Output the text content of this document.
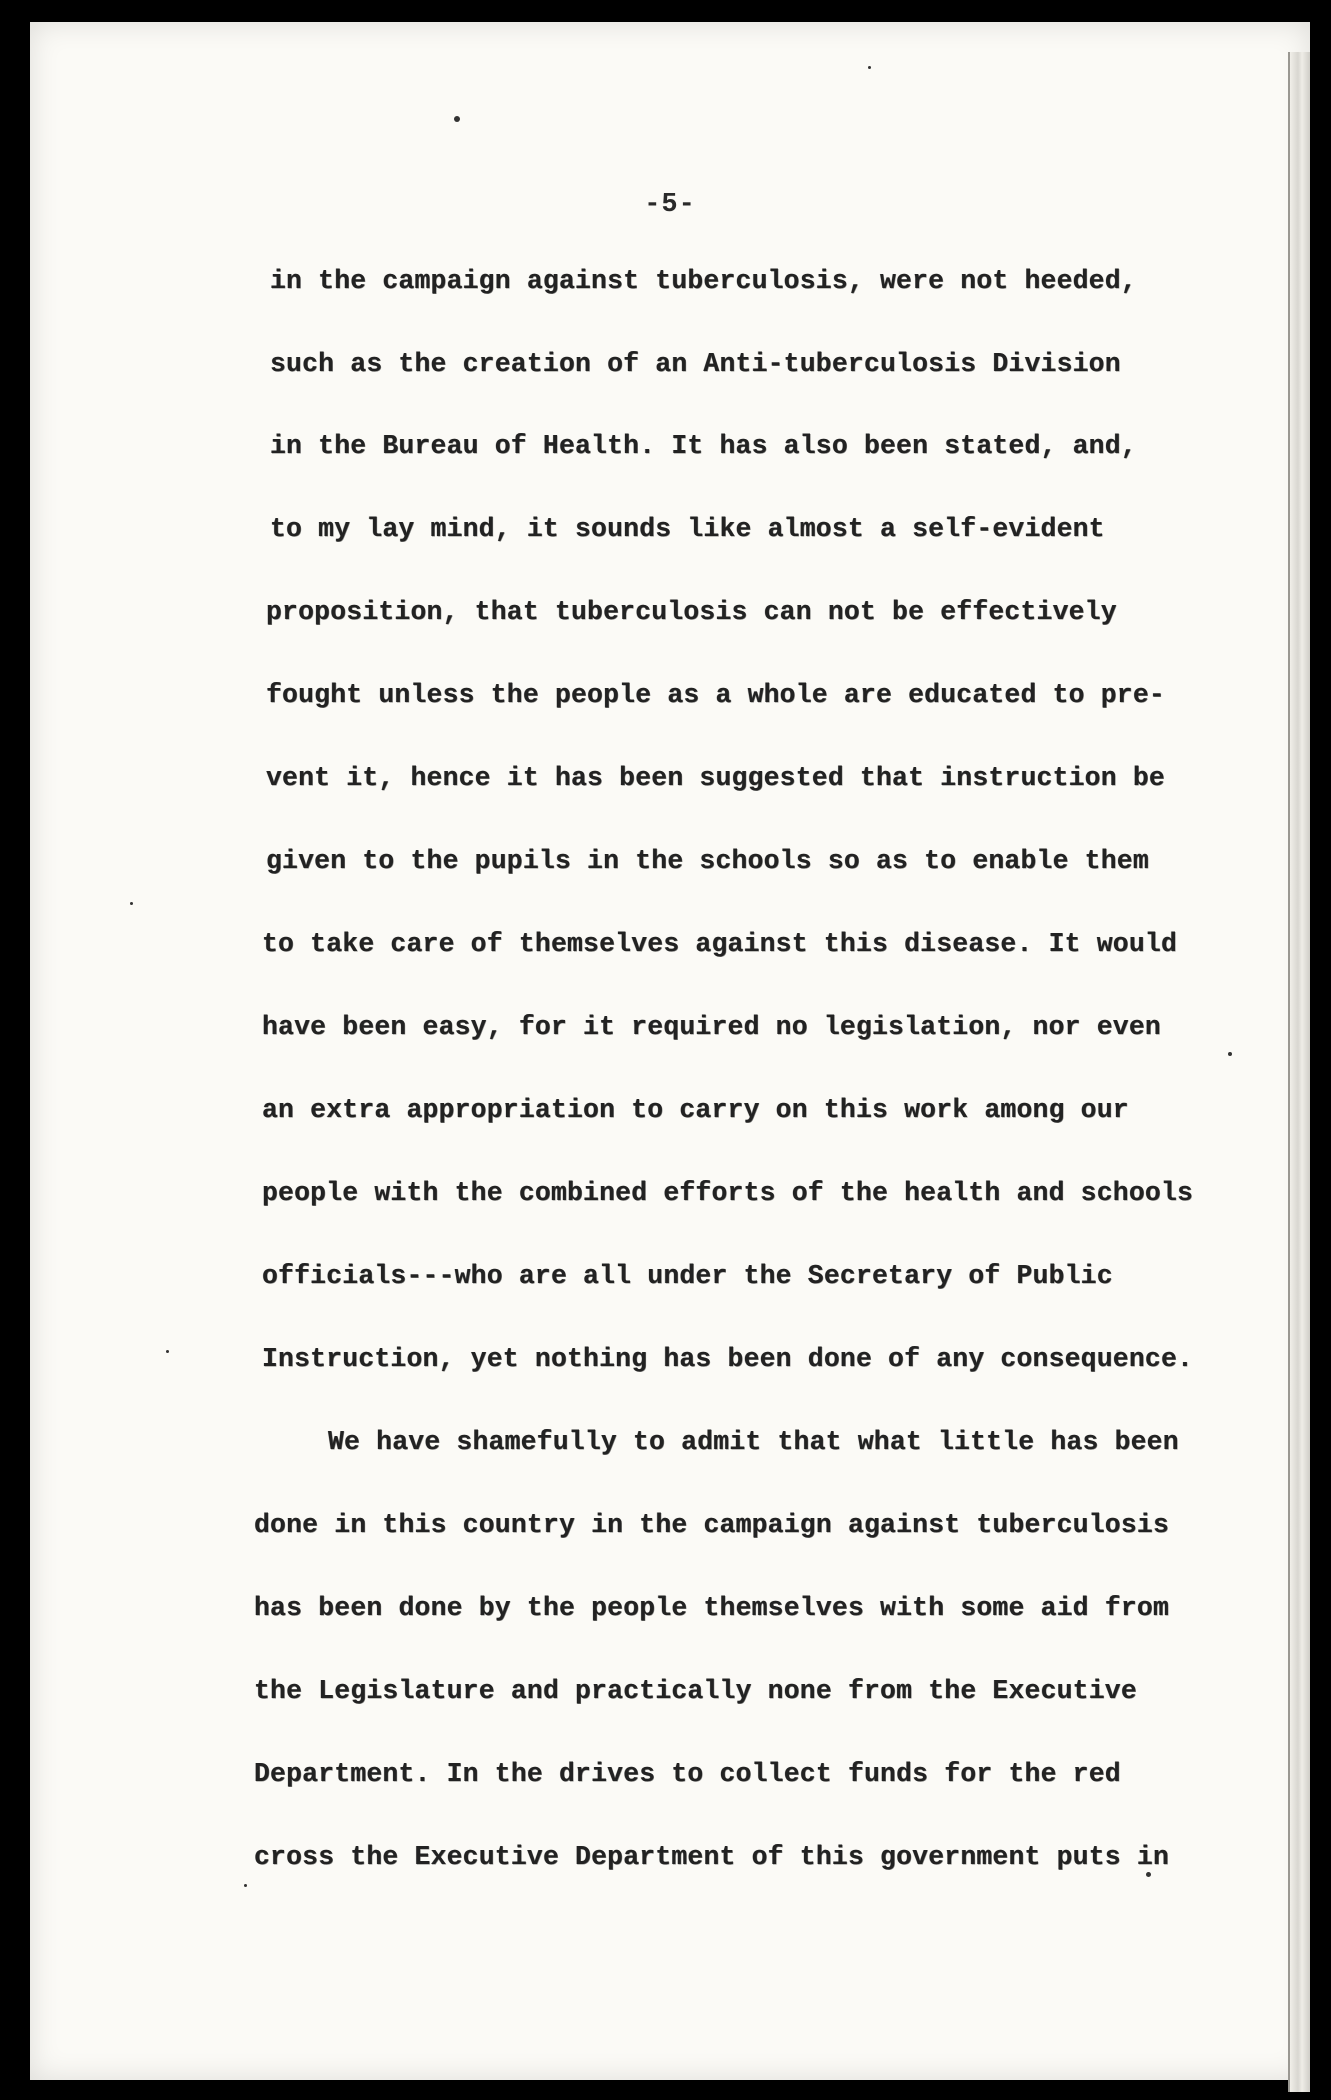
-5-
in the campaign against tuberculosis, were not heeded,
such as the creation of an Anti-tuberculosis Division
in the Bureau of Health. It has also been stated, and,
to my lay mind, it sounds like almost a self-evident
proposition, that tuberculosis can not be effectively
fought unless the people as a whole are educated to pre-
vent it, hence it has been suggested that instruction be
given to the pupils in the schools so as to enable them
to take care of themselves against this disease. It would
have been easy, for it required no legislation, nor even
an extra appropriation to carry on this work among our
people with the combined efforts of the health and schools
officials---who are all under the Secretary of Public
Instruction, yet nothing has been done of any consequence.
We have shamefully to admit that what little has been
done in this country in the campaign against tuberculosis
has been done by the people themselves with some aid from
the Legislature and practically none from the Executive
Department. In the drives to collect funds for the red
cross the Executive Department of this government puts in
